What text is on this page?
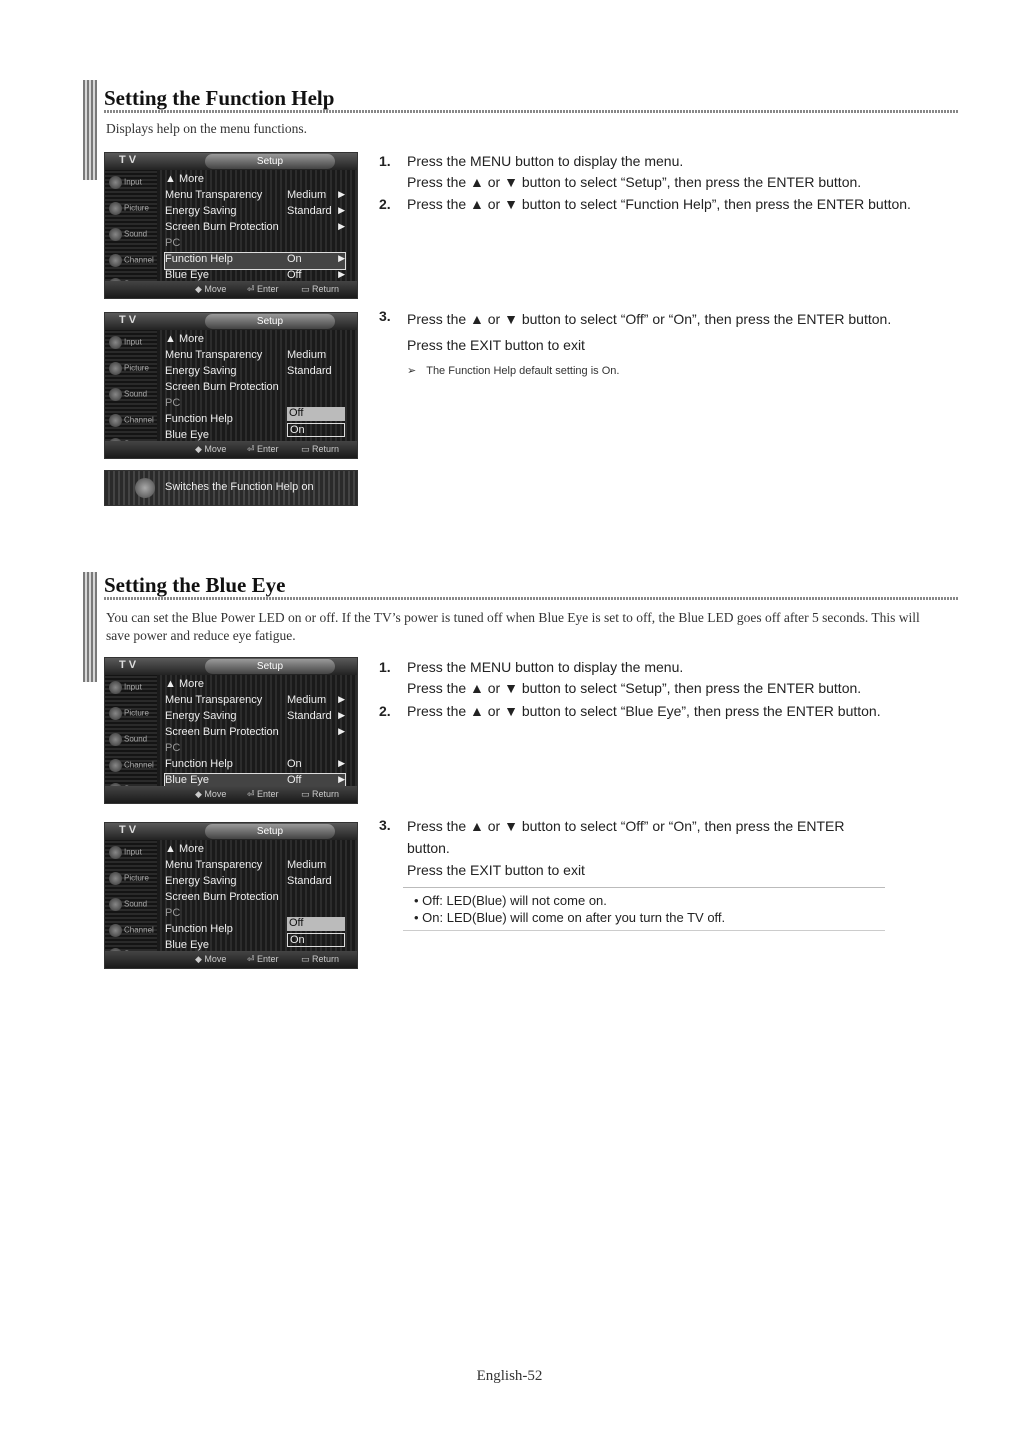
Setting the Function Help
Displays help on the menu functions.
T V	Setup
Input
Picture
Sound
Channel
▲ More
Menu Transparency Medium ▶
Energy Saving	Standard ▶
Screen Burn Protection	▶
PC
Function Help	On	▶
Blue Eye	Off	▶
◆ Move ⏎ Enter ▭ Return
T V	Setup
Input
Picture
Sound
Channel
▲ More
Menu Transparency Medium
Energy Saving	Standard
Screen Burn Protection
PC
Function Help
Blue Eye
Off
On
◆ Move ⏎ Enter ▭ Return
Switches the Function Help on
1. Press the MENU button to display the menu.
Press the ▲ or ▼ button to select “Setup”, then press the ENTER button.
2. Press the ▲ or ▼ button to select “Function Help”, then press the ENTER button.
3. Press the ▲ or ▼ button to select “Off” or “On”, then press the ENTER button.
Press the EXIT button to exit
➢ The Function Help default setting is On.
Setting the Blue Eye
You can set the Blue Power LED on or off. If the TV’s power is tuned off when Blue Eye is set to off, the Blue LED goes off after 5 seconds. This will save power and reduce eye fatigue.
T V	Setup
Input
Picture
Sound
Channel
▲ More
Menu Transparency Medium ▶
Energy Saving	Standard ▶
Screen Burn Protection	▶
PC
Function Help	On	▶
Blue Eye	Off	▶
◆ Move ⏎ Enter ▭ Return
T V	Setup
Input
Picture
Sound
Channel
▲ More
Menu Transparency Medium
Energy Saving	Standard
Screen Burn Protection
PC
Function Help
Blue Eye
Off
On
◆ Move ⏎ Enter ▭ Return
1. Press the MENU button to display the menu.
Press the ▲ or ▼ button to select “Setup”, then press the ENTER button.
2. Press the ▲ or ▼ button to select “Blue Eye”, then press the ENTER button.
3. Press the ▲ or ▼ button to select “Off” or “On”, then press the ENTER button.
Press the EXIT button to exit
• Off: LED(Blue) will not come on.
• On: LED(Blue) will come on after you turn the TV off.
English-52
